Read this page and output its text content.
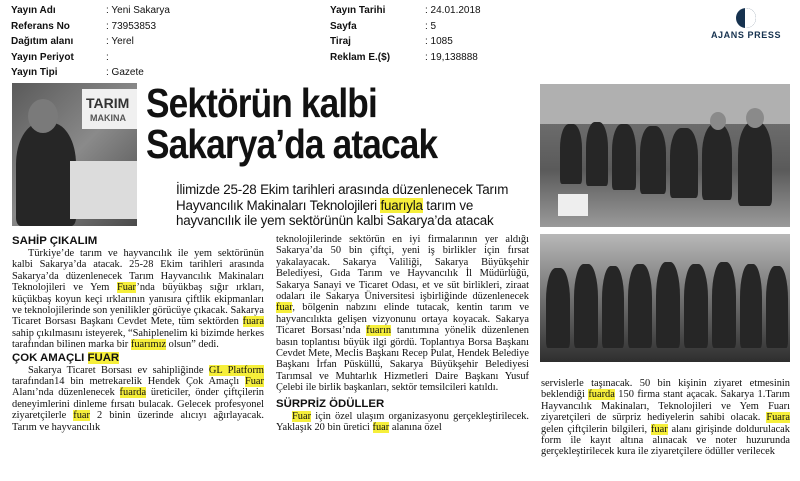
Yayın Adı	: Yeni Sakarya
Referans No	: 73953853
Dağıtım alanı	: Yerel
Yayın Periyot	:
Yayın Tipi	: Gazete
Yayın Tarihi	: 24.01.2018
Sayfa	: 5
Tiraj	: 1085
Reklam E.($)	: 19,138888
AJANS PRESS
TARIM
MAKINA Sektörün kalbi
Sakarya’da atacak
İlimizde 25-28 Ekim tarihleri arasında düzenlenecek Tarım Hayvancılık Makinaları Teknolojileri fuarıyla tarım ve hayvancılık ile yem sektörünün kalbi Sakarya’da atacak

SAHİP ÇIKALIM

Türkiye’de tarım ve hayvancılık ile yem sektörünün kalbi Sakarya’da atacak. 25-28 Ekim tarihleri arasında Sakarya’da düzenlenecek Tarım Hayvancılık Makinaları Teknolojileri ve Yem Fuar’nda büyükbaş sığır ırkları, küçükbaş koyun keçi ırklarının yanısıra çiftlik ekipmanları ve teknolojilerinde son yenilikler görücüye çıkacak. Sakarya Ticaret Borsası Başkanı Cevdet Mete, tüm sektörden fuara sahip çıkılmasını isteyerek, “Sahiplenelim ki bizimde herkes tarafından bilinen marka bir fuarımız olsun” dedi.

ÇOK AMAÇLI FUAR

Sakarya Ticaret Borsası ev sahipliğinde GL Platform tarafından14 bin metrekarelik Hendek Çok Amaçlı Fuar Alanı’nda düzenlenecek fuarda üreticiler, önder çiftçilerin deneyimlerini dinleme fırsatı bulacak. Gelecek profesyonel ziyaretçilerle fuar 2 binin üzerinde alıcıyı ağırlayacak. Tarım ve hayvancılık

teknolojilerinde sektörün en iyi firmalarının yer aldığı Sakarya’da 50 bin çiftçi, yeni iş birlikler için fırsat yakalayacak. Sakarya Valiliği, Sakarya Büyükşehir Belediyesi, Gıda Tarım ve Hayvancılık İl Müdürlüğü, Sakarya Sanayi ve Ticaret Odası, et ve süt birlikleri, ziraat odaları ile Sakarya Üniversitesi işbirliğinde düzenlenecek fuar, bölgenin nabzını elinde tutacak, kentin tarım ve hayvancılıkta gelişen vizyonunu ortaya koyacak. Sakarya Ticaret Borsası’nda fuarın tanıtımına yönelik düzenlenen basın toplantısı büyük ilgi gördü. Toplantıya Borsa Başkanı Cevdet Mete, Meclis Başkanı Recep Pulat, Hendek Belediye Başkanı İrfan Püsküllü, Sakarya Büyükşehir Belediyesi Tarımsal ve Muhtarlık Hizmetleri Daire Başkanı Yusuf Çelebi ile birlik başkanları, sektör temsilcileri katıldı.

SÜRPRİZ ÖDÜLLER

Fuar için özel ulaşım organizasyonu gerçekleştirilecek. Yaklaşık 20 bin üretici fuar alanına özel

servislerle taşınacak. 50 bin kişinin ziyaret etmesinin beklendiği fuarda 150 firma stant açacak. Sakarya 1.Tarım Hayvancılık Makinaları, Teknolojileri ve Yem Fuarı ziyaretçileri de sürpriz hediyelerin sahibi olacak. Fuara gelen çiftçilerin bilgileri, fuar alanı girişinde doldurulacak form ile kayıt altına alınacak ve noter huzurunda gerçekleştirilecek kura ile ziyaretçilere ödüller verilecek
